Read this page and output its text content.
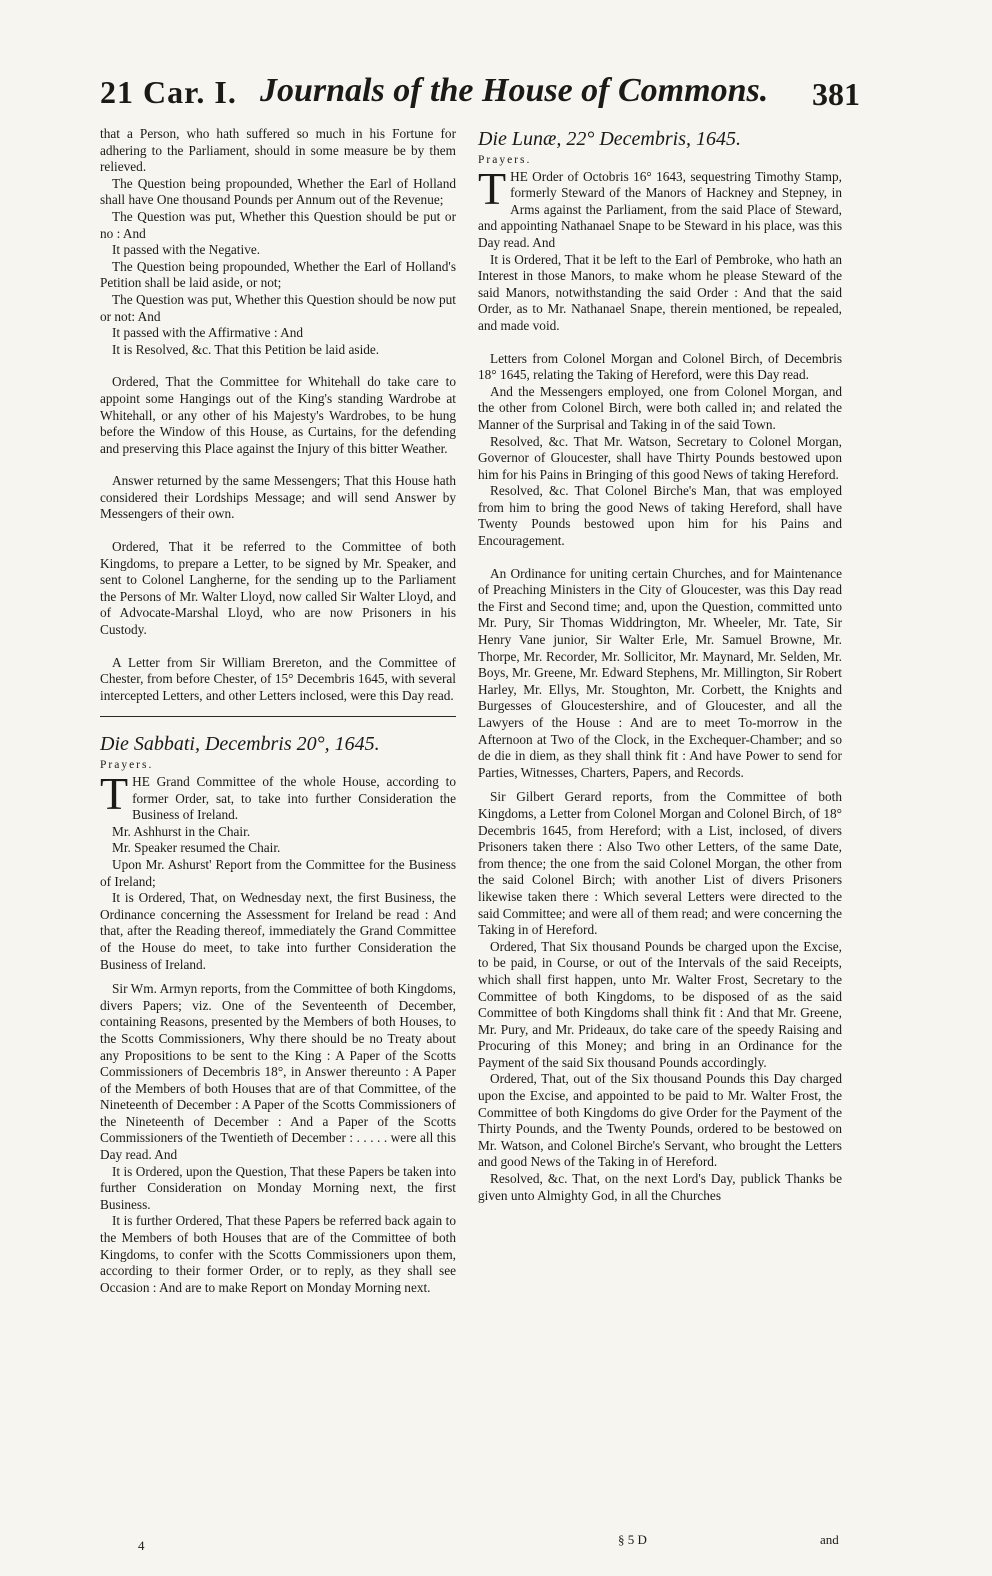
21 Car. I. Journals of the House of Commons. 381

that a Person, who hath suffered so much in his Fortune for adhering to the Parliament, should in some measure be by them relieved.

The Question being propounded, Whether the Earl of Holland shall have One thousand Pounds per Annum out of the Revenue;

The Question was put, Whether this Question should be put or no : And

It passed with the Negative.

The Question being propounded, Whether the Earl of Holland's Petition shall be laid aside, or not;

The Question was put, Whether this Question should be now put or not: And

It passed with the Affirmative : And

It is Resolved, &c. That this Petition be laid aside.

Ordered, That the Committee for Whitehall do take care to appoint some Hangings out of the King's standing Wardrobe at Whitehall, or any other of his Majesty's Wardrobes, to be hung before the Window of this House, as Curtains, for the defending and preserving this Place against the Injury of this bitter Weather.

Answer returned by the same Messengers; That this House hath considered their Lordships Message; and will send Answer by Messengers of their own.

Ordered, That it be referred to the Committee of both Kingdoms, to prepare a Letter, to be signed by Mr. Speaker, and sent to Colonel Langherne, for the sending up to the Parliament the Persons of Mr. Walter Lloyd, now called Sir Walter Lloyd, and of Advocate-Marshal Lloyd, who are now Prisoners in his Custody.

A Letter from Sir William Brereton, and the Committee of Chester, from before Chester, of 15° Decembris 1645, with several intercepted Letters, and other Letters inclosed, were this Day read.

Die Sabbati, Decembris 20°, 1645.

Prayers.

THE Grand Committee of the whole House, according to former Order, sat, to take into further Consideration the Business of Ireland.

Mr. Ashhurst in the Chair.

Mr. Speaker resumed the Chair.

Upon Mr. Ashurst' Report from the Committee for the Business of Ireland;

It is Ordered, That, on Wednesday next, the first Business, the Ordinance concerning the Assessment for Ireland be read : And that, after the Reading thereof, immediately the Grand Committee of the House do meet, to take into further Consideration the Business of Ireland.

Sir Wm. Armyn reports, from the Committee of both Kingdoms, divers Papers; viz. One of the Seventeenth of December, containing Reasons, presented by the Members of both Houses, to the Scotts Commissioners, Why there should be no Treaty about any Propositions to be sent to the King : A Paper of the Scotts Commissioners of Decembris 18°, in Answer thereunto : A Paper of the Members of both Houses that are of that Committee, of the Nineteenth of December : A Paper of the Scotts Commissioners of the Nineteenth of December : And a Paper of the Scotts Commissioners of the Twentieth of December : . . . . . were all this Day read. And

It is Ordered, upon the Question, That these Papers be taken into further Consideration on Monday Morning next, the first Business.

It is further Ordered, That these Papers be referred back again to the Members of both Houses that are of the Committee of both Kingdoms, to confer with the Scotts Commissioners upon them, according to their former Order, or to reply, as they shall see Occasion : And are to make Report on Monday Morning next.

Die Lunæ, 22° Decembris, 1645.

Prayers.

THE Order of Octobris 16° 1643, sequestring Timothy Stamp, formerly Steward of the Manors of Hackney and Stepney, in Arms against the Parliament, from the said Place of Steward, and appointing Nathanael Snape to be Steward in his place, was this Day read. And

It is Ordered, That it be left to the Earl of Pembroke, who hath an Interest in those Manors, to make whom he please Steward of the said Manors, notwithstanding the said Order : And that the said Order, as to Mr. Nathanael Snape, therein mentioned, be repealed, and made void.

Letters from Colonel Morgan and Colonel Birch, of Decembris 18° 1645, relating the Taking of Hereford, were this Day read.

And the Messengers employed, one from Colonel Morgan, and the other from Colonel Birch, were both called in; and related the Manner of the Surprisal and Taking in of the said Town.

Resolved, &c. That Mr. Watson, Secretary to Colonel Morgan, Governor of Gloucester, shall have Thirty Pounds bestowed upon him for his Pains in Bringing of this good News of taking Hereford.

Resolved, &c. That Colonel Birche's Man, that was employed from him to bring the good News of taking Hereford, shall have Twenty Pounds bestowed upon him for his Pains and Encouragement.

An Ordinance for uniting certain Churches, and for Maintenance of Preaching Ministers in the City of Gloucester, was this Day read the First and Second time; and, upon the Question, committed unto Mr. Pury, Sir Thomas Widdrington, Mr. Wheeler, Mr. Tate, Sir Henry Vane junior, Sir Walter Erle, Mr. Samuel Browne, Mr. Thorpe, Mr. Recorder, Mr. Sollicitor, Mr. Maynard, Mr. Selden, Mr. Boys, Mr. Greene, Mr. Edward Stephens, Mr. Millington, Sir Robert Harley, Mr. Ellys, Mr. Stoughton, Mr. Corbett, the Knights and Burgesses of Gloucestershire, and of Gloucester, and all the Lawyers of the House : And are to meet To-morrow in the Afternoon at Two of the Clock, in the Exchequer-Chamber; and so de die in diem, as they shall think fit : And have Power to send for Parties, Witnesses, Charters, Papers, and Records.

Sir Gilbert Gerard reports, from the Committee of both Kingdoms, a Letter from Colonel Morgan and Colonel Birch, of 18° Decembris 1645, from Hereford; with a List, inclosed, of divers Prisoners taken there : Also Two other Letters, of the same Date, from thence; the one from the said Colonel Morgan, the other from the said Colonel Birch; with another List of divers Prisoners likewise taken there : Which several Letters were directed to the said Committee; and were all of them read; and were concerning the Taking in of Hereford.

Ordered, That Six thousand Pounds be charged upon the Excise, to be paid, in Course, or out of the Intervals of the said Receipts, which shall first happen, unto Mr. Walter Frost, Secretary to the Committee of both Kingdoms, to be disposed of as the said Committee of both Kingdoms shall think fit : And that Mr. Greene, Mr. Pury, and Mr. Prideaux, do take care of the speedy Raising and Procuring of this Money; and bring in an Ordinance for the Payment of the said Six thousand Pounds accordingly.

Ordered, That, out of the Six thousand Pounds this Day charged upon the Excise, and appointed to be paid to Mr. Walter Frost, the Committee of both Kingdoms do give Order for the Payment of the Thirty Pounds, and the Twenty Pounds, ordered to be bestowed on Mr. Watson, and Colonel Birche's Servant, who brought the Letters and good News of the Taking in of Hereford.

Resolved, &c. That, on the next Lord's Day, publick Thanks be given unto Almighty God, in all the Churches

4	§ 5 D	and
